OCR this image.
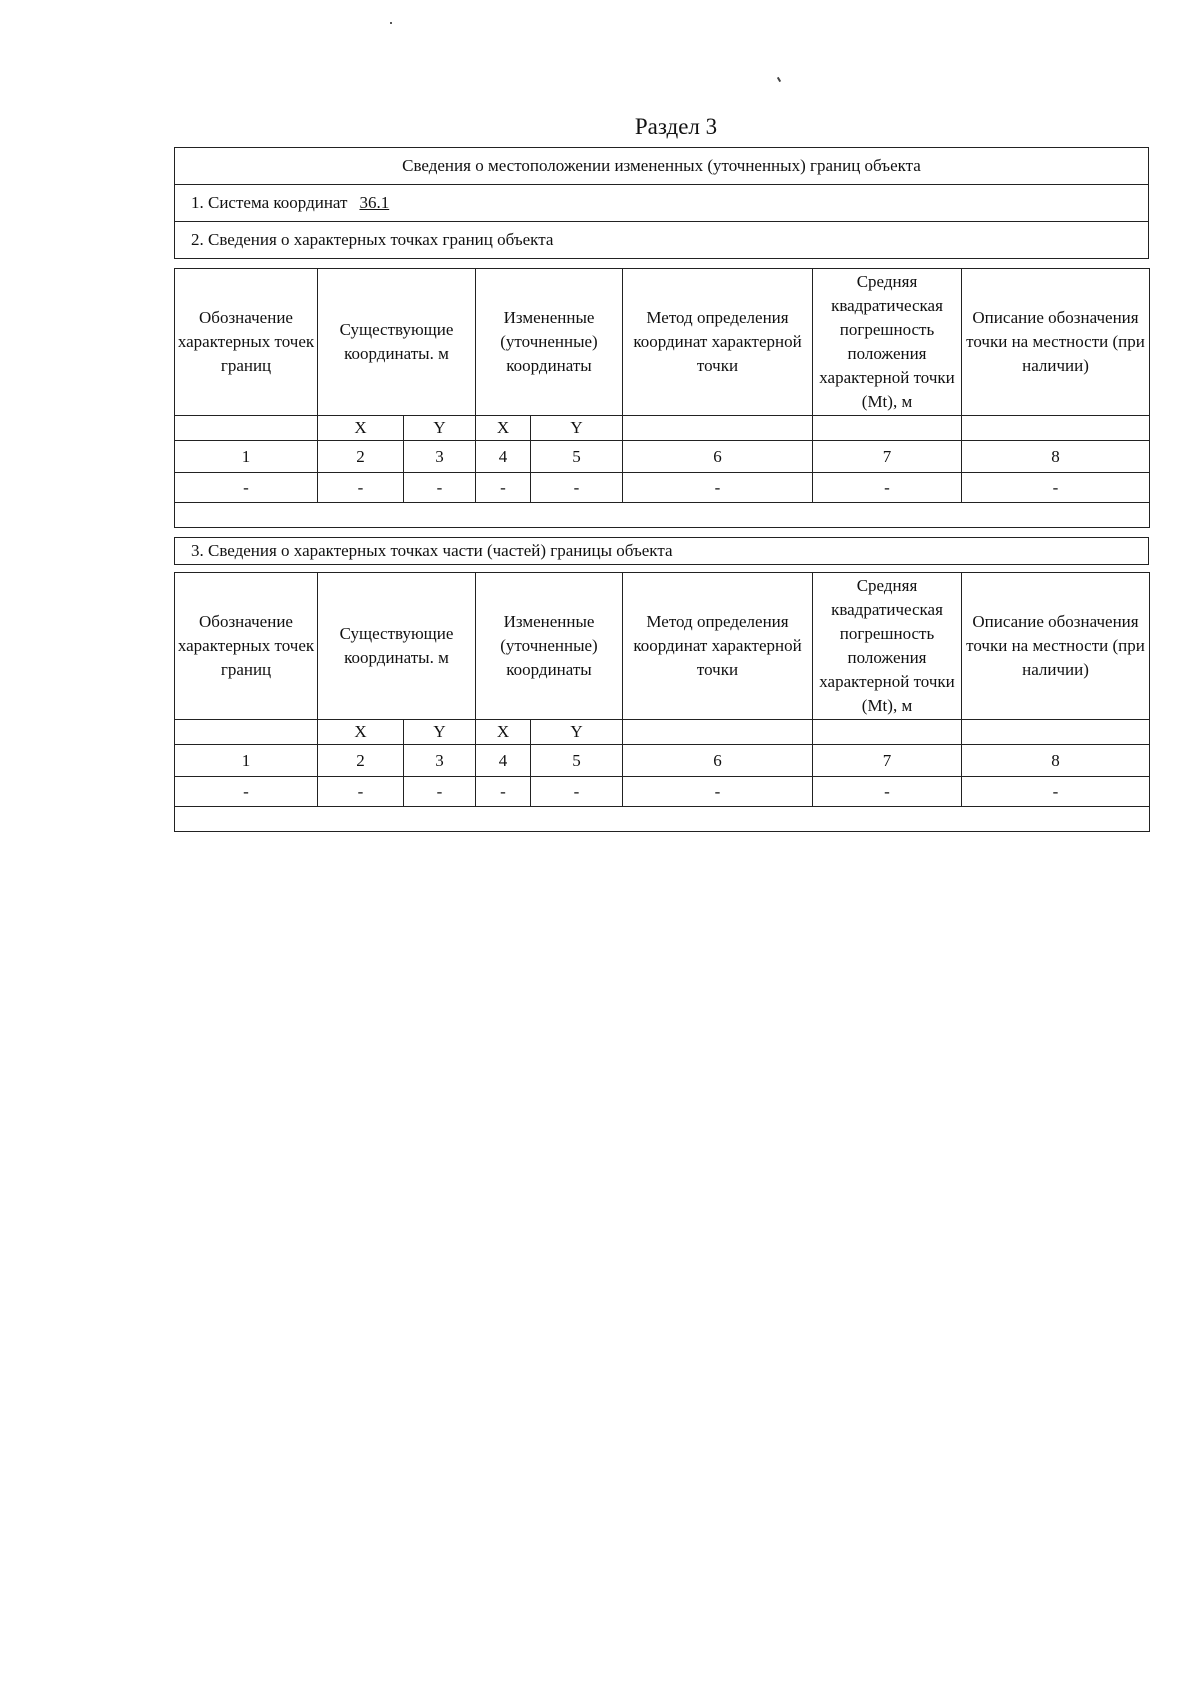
Раздел 3
Сведения о местоположении измененных (уточненных) границ объекта
1. Система координат 36.1
2. Сведения о характерных точках границ объекта
Обозначение характерных точек границ	Существующие координаты. м		Измененные (уточненные) координаты		Метод определения координат характерной точки	Средняя квадратическая погрешность положения характерной точки (Mt), м	Описание обозначения точки на местности (при наличии)
	X	Y	X	Y			
1	2	3	4	5	6	7	8
-	-	-	-	-	-	-	-

3. Сведения о характерных точках части (частей) границы объекта
Обозначение характерных точек границ	Существующие координаты. м		Измененные (уточненные) координаты		Метод определения координат характерной точки	Средняя квадратическая погрешность положения характерной точки (Mt), м	Описание обозначения точки на местности (при наличии)
	X	Y	X	Y			
1	2	3	4	5	6	7	8
-	-	-	-	-	-	-	-
